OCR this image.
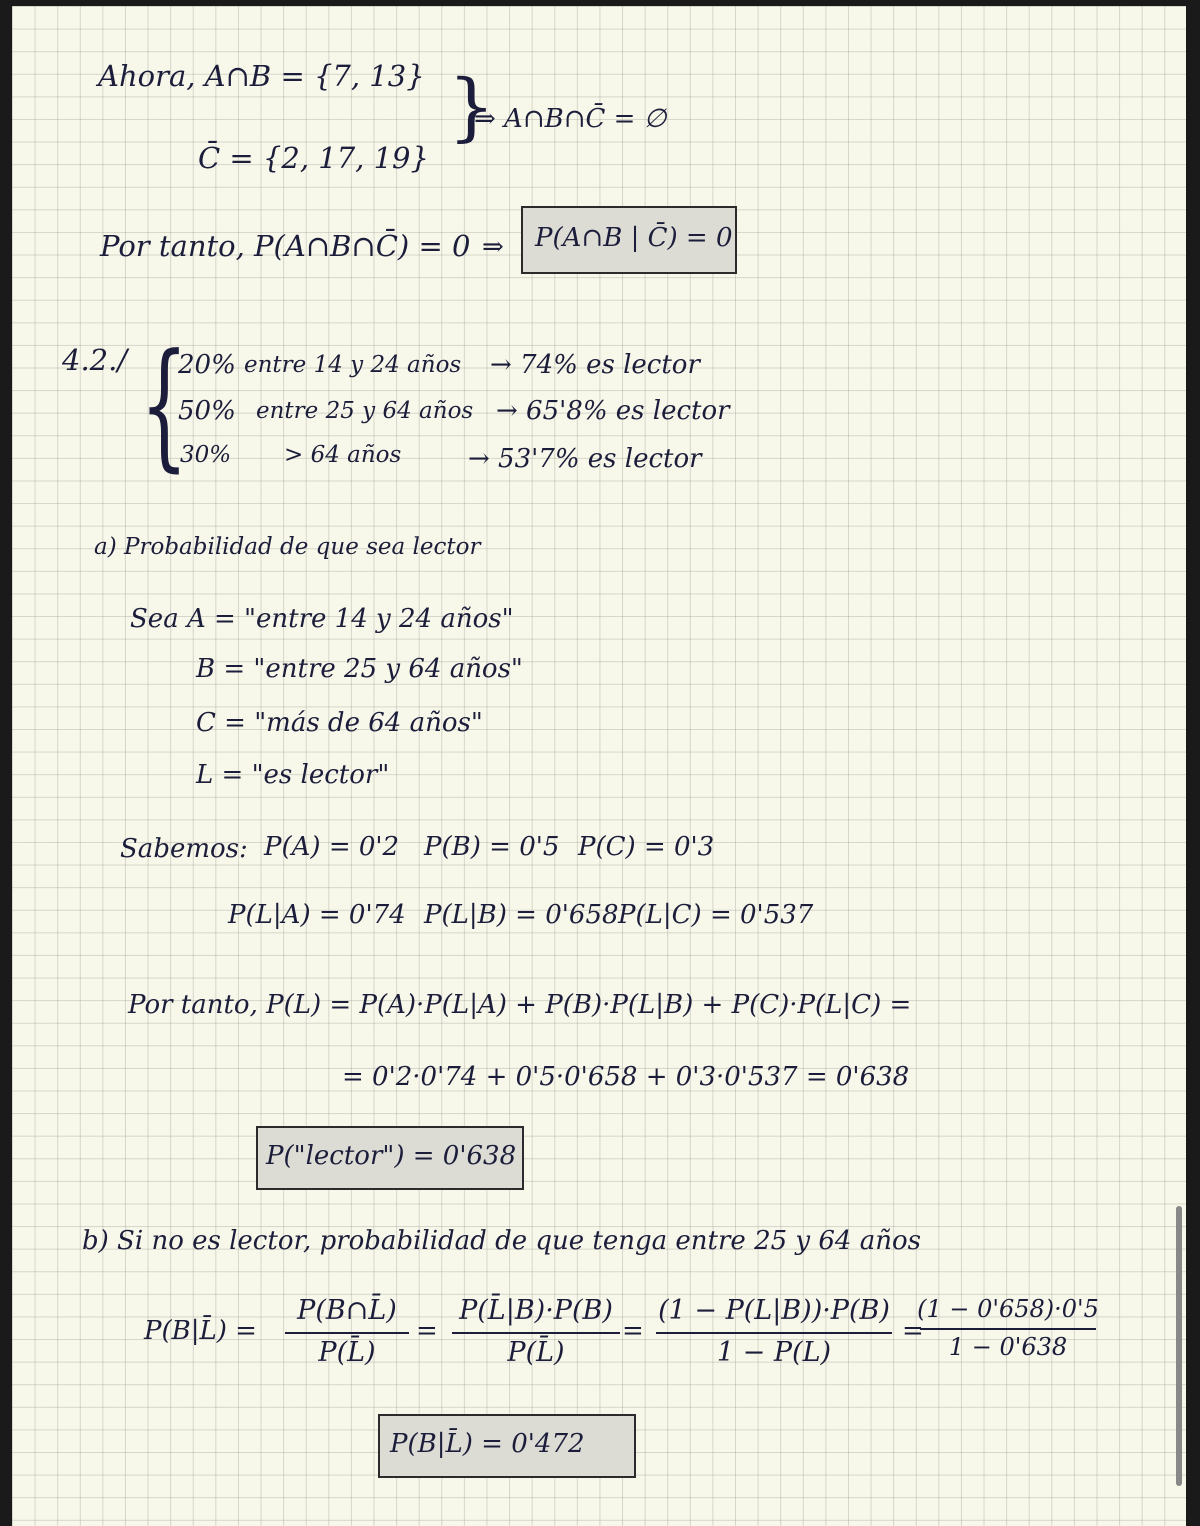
Ahora, A∩B = {7, 13}
C̄ = {2, 17, 19}
}
⇒ A∩B∩C̄ = ∅
Por tanto, P(A∩B∩C̄) = 0 ⇒ P(A∩B | C̄) = 0
4.2./ {
20% entre 14 y 24 años → 74% es lector
50% entre 25 y 64 años → 65'8% es lector
30% > 64 años	→ 53'7% es lector
a) Probabilidad de que sea lector
Sea A = "entre 14 y 24 años"
B = "entre 25 y 64 años"
C = "más de 64 años"
L = "es lector"
Sabemos: P(A) = 0'2 P(B) = 0'5 P(C) = 0'3
P(L|A) = 0'74 P(L|B) = 0'658 P(L|C) = 0'537
Por tanto, P(L) = P(A)·P(L|A) + P(B)·P(L|B) + P(C)·P(L|C) =
= 0'2·0'74 + 0'5·0'658 + 0'3·0'537 = 0'638
P("lector") = 0'638
b) Si no es lector, probabilidad de que tenga entre 25 y 64 años
P(B|L̄) =
P(B∩L̄)
P(L̄)
=
P(L̄|B)·P(B)
P(L̄)
=
(1 − P(L|B))·P(B)
1 − P(L)
=
(1 − 0'658)·0'5
1 − 0'638
P(B|L̄) = 0'472
